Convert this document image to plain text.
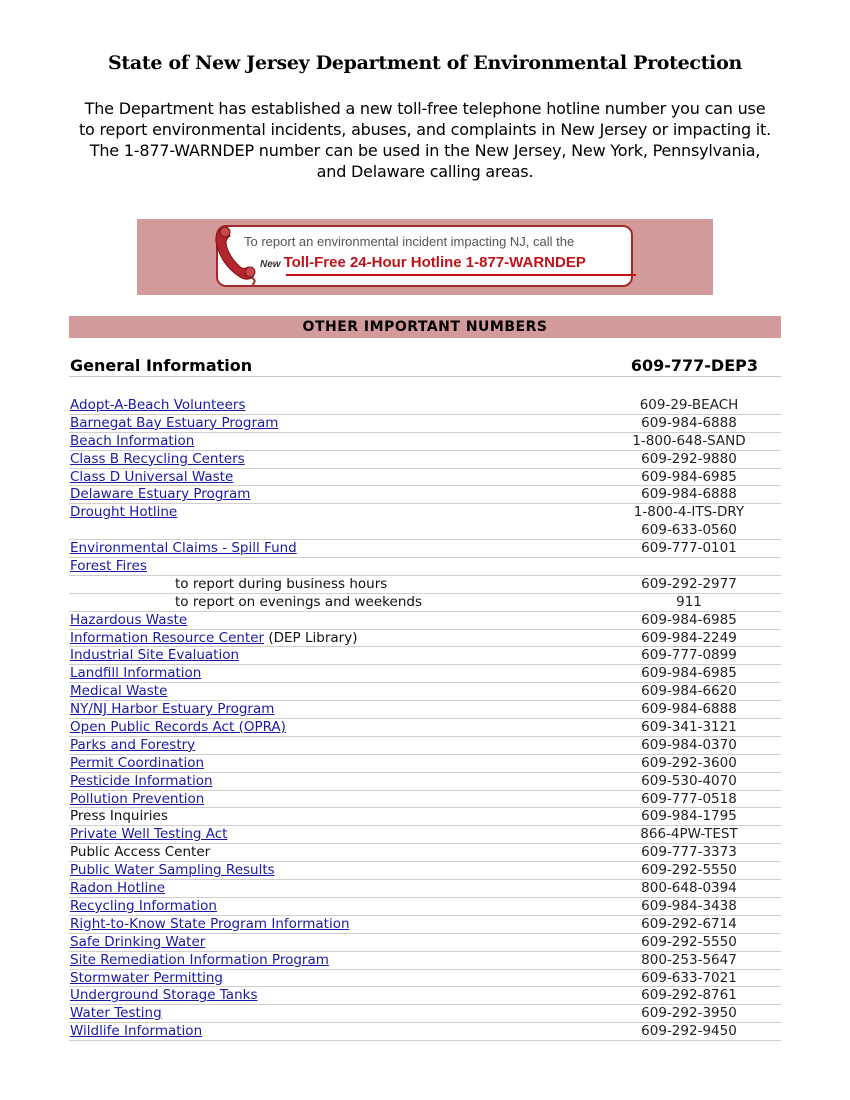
State of New Jersey Department of Environmental Protection
The Department has established a new toll-free telephone hotline number you can use
to report environmental incidents, abuses, and complaints in New Jersey or impacting it.
The 1-877-WARNDEP number can be used in the New Jersey, New York, Pennsylvania,
and Delaware calling areas.
To report an environmental incident impacting NJ, call the
New Toll-Free 24-Hour Hotline 1-877-WARNDEP
OTHER IMPORTANT NUMBERS
General Information	609-777-DEP3
Adopt-A-Beach Volunteers	609-29-BEACH
Barnegat Bay Estuary Program	609-984-6888
Beach Information	1-800-648-SAND
Class B Recycling Centers	609-292-9880
Class D Universal Waste	609-984-6985
Delaware Estuary Program	609-984-6888
Drought Hotline	1-800-4-ITS-DRY
609-633-0560
Environmental Claims - Spill Fund	609-777-0101
Forest Fires
to report during business hours	609-292-2977
to report on evenings and weekends	911
Hazardous Waste	609-984-6985
Information Resource Center (DEP Library)	609-984-2249
Industrial Site Evaluation	609-777-0899
Landfill Information	609-984-6985
Medical Waste	609-984-6620
NY/NJ Harbor Estuary Program	609-984-6888
Open Public Records Act (OPRA)	609-341-3121
Parks and Forestry	609-984-0370
Permit Coordination	609-292-3600
Pesticide Information	609-530-4070
Pollution Prevention	609-777-0518
Press Inquiries	609-984-1795
Private Well Testing Act	866-4PW-TEST
Public Access Center	609-777-3373
Public Water Sampling Results	609-292-5550
Radon Hotline	800-648-0394
Recycling Information	609-984-3438
Right-to-Know State Program Information	609-292-6714
Safe Drinking Water	609-292-5550
Site Remediation Information Program	800-253-5647
Stormwater Permitting	609-633-7021
Underground Storage Tanks	609-292-8761
Water Testing	609-292-3950
Wildlife Information	609-292-9450
